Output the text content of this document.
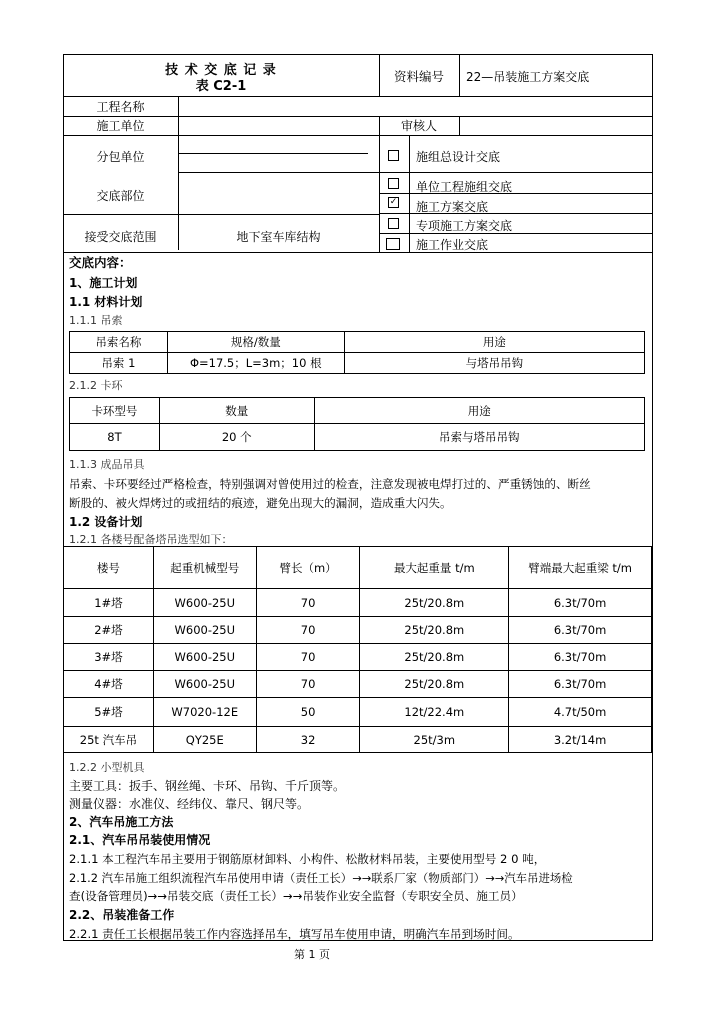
技 术 交 底 记 录
表 C2-1
资料编号	22—吊装施工方案交底
工程名称
施工单位	审核人
分包单位
交底部位
接受交底范围	地下室车库结构
施组总设计交底
单位工程施组交底
✓ 施工方案交底
专项施工方案交底
施工作业交底
交底内容：
1、施工计划
1.1 材料计划
1.1.1 吊索
吊索名称	规格/数量	用途
吊索 1	Φ=17.5；L=3m；10 根	与塔吊吊钩
2.1.2 卡环
卡环型号	数量	用途
8T	20 个	吊索与塔吊吊钩
1.1.3 成品吊具
吊索、卡环要经过严格检查，特别强调对曾使用过的检查，注意发现被电焊打过的、严重锈蚀的、断丝
断股的、被火焊烤过的或扭结的痕迹，避免出现大的漏洞，造成重大闪失。
1.2 设备计划
1.2.1 各楼号配备塔吊选型如下：
楼号	起重机械型号	臂长（m）	最大起重量 t/m	臂端最大起重梁 t/m
1#塔	W600-25U	70	25t/20.8m	6.3t/70m
2#塔	W600-25U	70	25t/20.8m	6.3t/70m
3#塔	W600-25U	70	25t/20.8m	6.3t/70m
4#塔	W600-25U	70	25t/20.8m	6.3t/70m
5#塔	W7020-12E	50	12t/22.4m	4.7t/50m
25t 汽车吊	QY25E	32	25t/3m	3.2t/14m
1.2.2 小型机具
主要工具：扳手、钢丝绳、卡环、吊钩、千斤顶等。
测量仪器：水准仪、经纬仪、靠尺、钢尺等。
2、汽车吊施工方法
2.1、汽车吊吊装使用情况
2.1.1 本工程汽车吊主要用于钢筋原材卸料、小构件、松散材料吊装，主要使用型号 2 0 吨，
2.1.2 汽车吊施工组织流程汽车吊使用申请（责任工长）→→联系厂家（物质部门）→→汽车吊进场检
查(设备管理员)→→吊装交底（责任工长）→→吊装作业安全监督（专职安全员、施工员）
2.2、吊装准备工作
2.2.1 责任工长根据吊装工作内容选择吊车，填写吊车使用申请，明确汽车吊到场时间。
第 1 页
